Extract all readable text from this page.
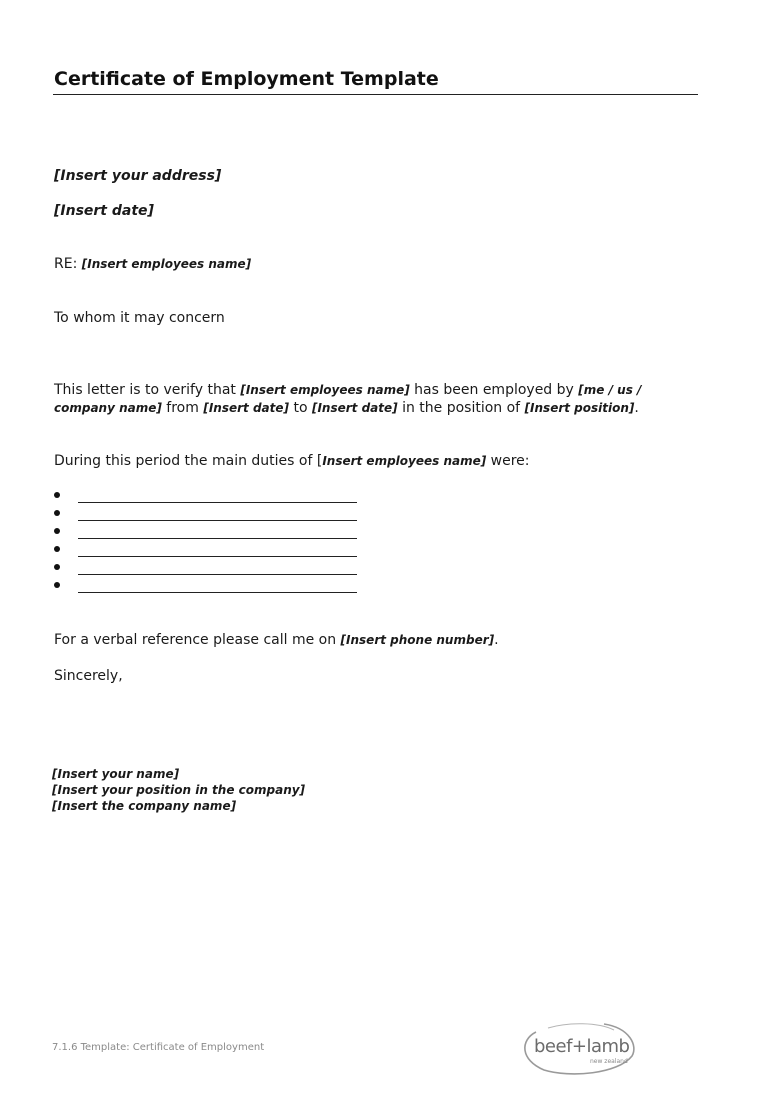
Certificate of Employment Template
[Insert your address]
[Insert date]
RE: [Insert employees name]
To whom it may concern
This letter is to verify that [Insert employees name] has been employed by [me / us / company name] from [Insert date] to [Insert date] in the position of [Insert position].
During this period the main duties of [Insert employees name] were:
For a verbal reference please call me on [Insert phone number].
Sincerely,
[Insert your name]
[Insert your position in the company]
[Insert the company name]
7.1.6 Template: Certificate of Employment	beef+lamb
new zealand
